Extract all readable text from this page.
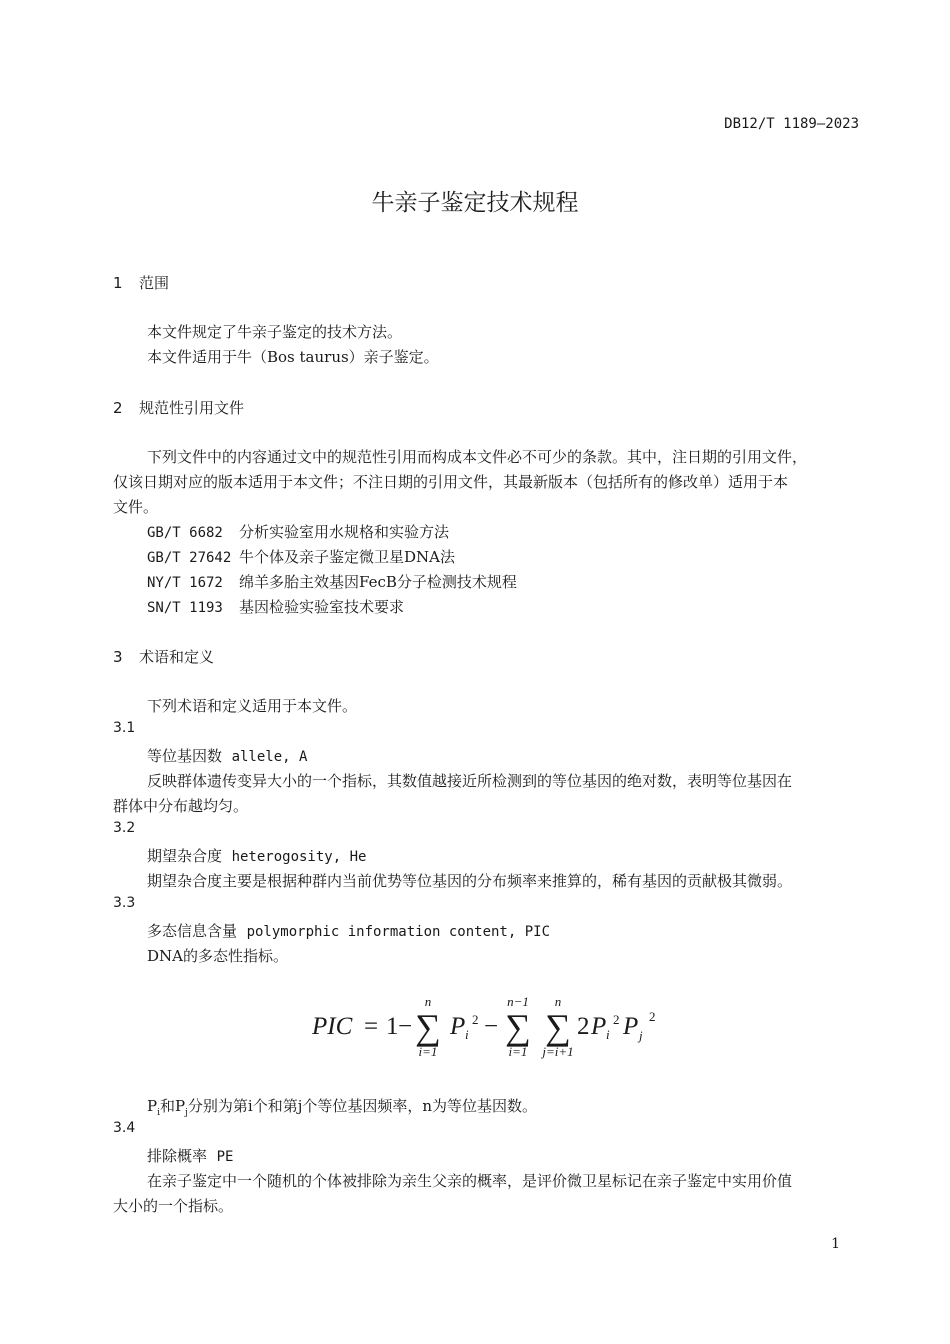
DB12/T 1189—2023
牛亲子鉴定技术规程
1 范围
本文件规定了牛亲子鉴定的技术方法。
本文件适用于牛（Bos taurus）亲子鉴定。
2 规范性引用文件
下列文件中的内容通过文中的规范性引用而构成本文件必不可少的条款。其中，注日期的引用文件，
仅该日期对应的版本适用于本文件；不注日期的引用文件，其最新版本（包括所有的修改单）适用于本
文件。
GB/T 6682 分析实验室用水规格和实验方法
GB/T 27642 牛个体及亲子鉴定微卫星DNA法
NY/T 1672 绵羊多胎主效基因FecB分子检测技术规程
SN/T 1193 基因检验实验室技术要求
3 术语和定义
下列术语和定义适用于本文件。
3.1
等位基因数 allele, A
反映群体遗传变异大小的一个指标，其数值越接近所检测到的等位基因的绝对数，表明等位基因在
群体中分布越均匀。
3.2
期望杂合度 heterogosity, He
期望杂合度主要是根据种群内当前优势等位基因的分布频率来推算的，稀有基因的贡献极其微弱。
3.3
多态信息含量 polymorphic information content, PIC
DNA的多态性指标。
PIC = 1 −
n
∑
i=1
P i
2 −
n−1
∑
i=1
n
∑
j=i+1
2 P i
2 P j
2
$P_i$和$P_j$分别为第i个和第j个等位基因频率，n为等位基因数。
3.4
排除概率 PE
在亲子鉴定中一个随机的个体被排除为亲生父亲的概率，是评价微卫星标记在亲子鉴定中实用价值
大小的一个指标。
1
